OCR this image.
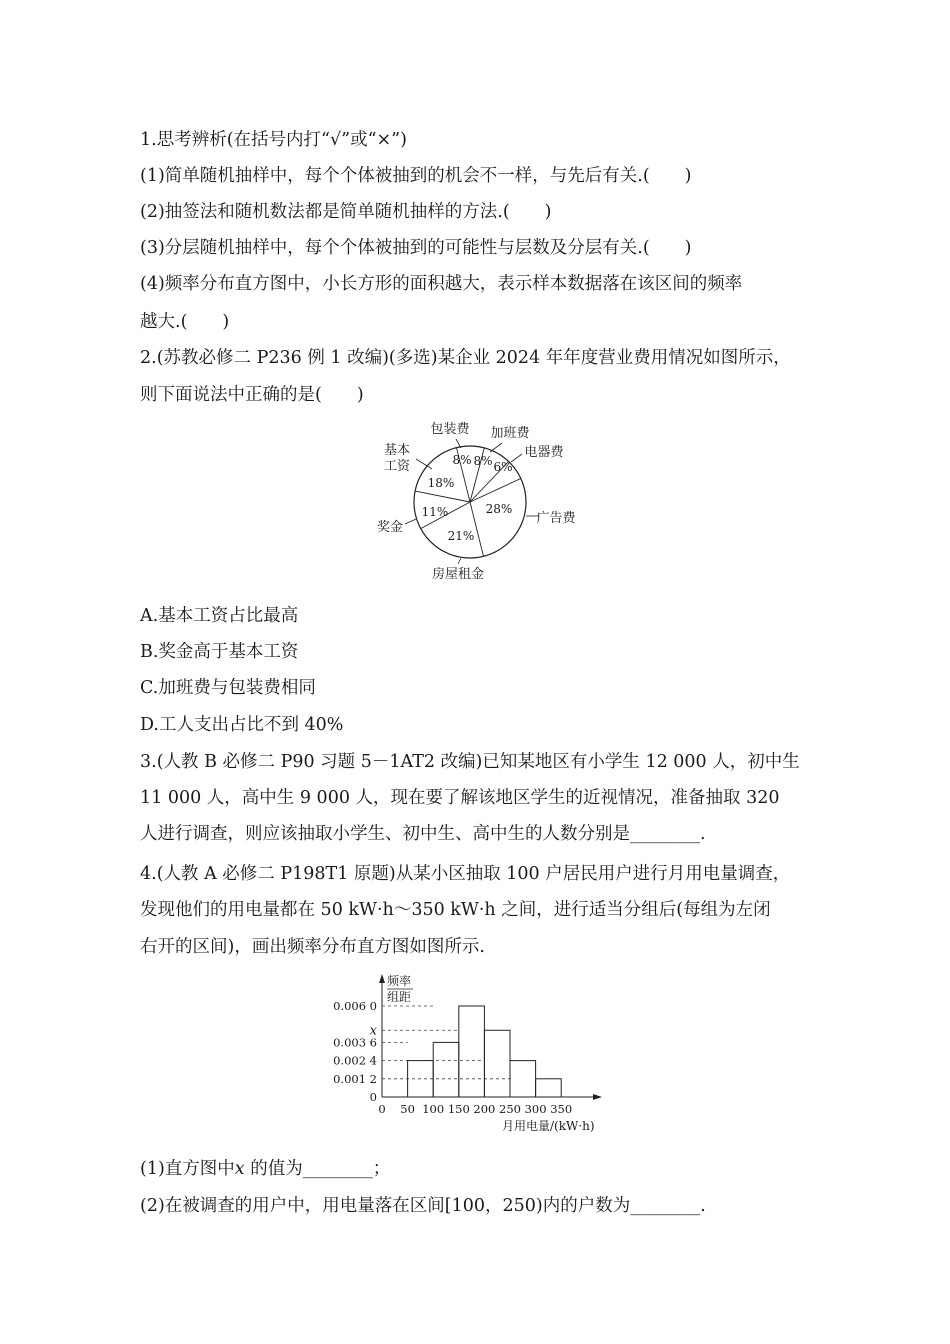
1.思考辨析(在括号内打“√”或“×”)
(1)简单随机抽样中，每个个体被抽到的机会不一样，与先后有关.(　　)
(2)抽签法和随机数法都是简单随机抽样的方法.(　　)
(3)分层随机抽样中，每个个体被抽到的可能性与层数及分层有关.(　　)
(4)频率分布直方图中，小长方形的面积越大，表示样本数据落在该区间的频率
越大.(　　)
2.(苏教必修二 P236 例 1 改编)(多选)某企业 2024 年年度营业费用情况如图所示，
则下面说法中正确的是(　　)
8% 8% 6%
28%
21%
11%
18%
包装费 加班费
电器费
广告费
房屋租金
奖金
基本
工资
A.基本工资占比最高
B.奖金高于基本工资
C.加班费与包装费相同
D.工人支出占比不到 40%
3.(人教 B 必修二 P90 习题 5－1AT2 改编)已知某地区有小学生 12 000 人，初中生
11 000 人，高中生 9 000 人，现在要了解该地区学生的近视情况，准备抽取 320
人进行调查，则应该抽取小学生、初中生、高中生的人数分别是________.
4.(人教 A 必修二 P198T1 原题)从某小区抽取 100 户居民用户进行月用电量调查，
发现他们的用电量都在 50 kW·h～350 kW·h 之间，进行适当分组后(每组为左闭
右开的区间)，画出频率分布直方图如图所示.
频率
组距
0
0.001 2
0.002 4
0.003 6
x
0.006 0
0 50 100 150 200 250 300 350
月用电量/(kW·h)
(1)直方图中x 的值为________；
(2)在被调查的用户中，用电量落在区间[100，250)内的户数为________.
